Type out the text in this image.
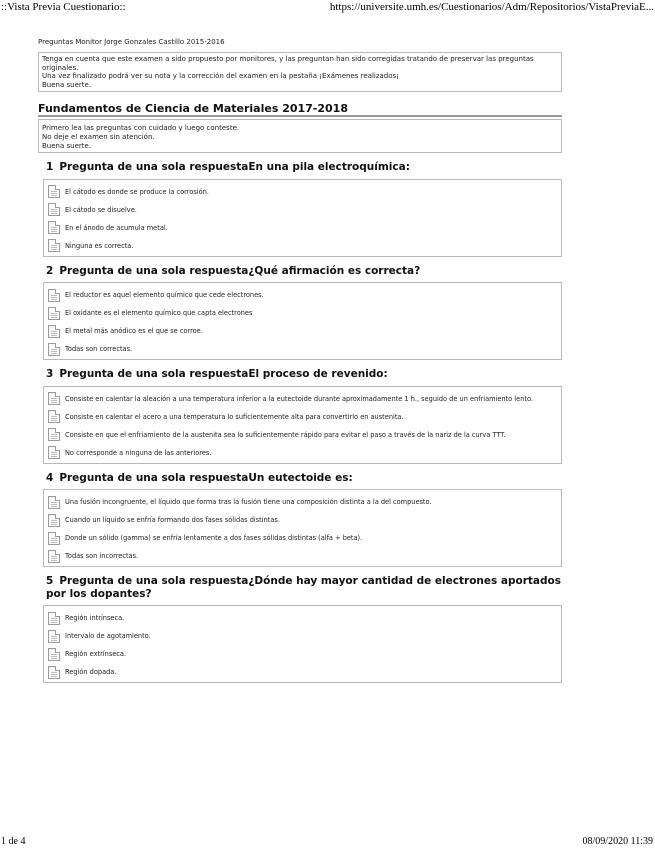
::Vista Previa Cuestionario::	https://universite.umh.es/Cuestionarios/Adm/Repositorios/VistaPreviaE...
Preguntas Monitor Jorge Gonzales Castillo 2015-2016
Tenga en cuenta que este examen a sido propuesto por monitores, y las preguntan han sido corregidas tratando de preservar las preguntas originales.
Una vez finalizado podrá ver su nota y la corrección del examen en la pestaña ¡Exámenes realizados¡
Buena suerte.
Fundamentos de Ciencia de Materiales 2017-2018
Primero lea las preguntas con cuidado y luego conteste.
No deje el examen sin atención.
Buena suerte.
1 Pregunta de una sola respuestaEn una pila electroquímica:
El cátodo es donde se produce la corrosión.
El cátodo se disuelve.
En el ánodo de acumula metal.
Ninguna es correcta.
2 Pregunta de una sola respuesta¿Qué afirmación es correcta?
El reductor es aquel elemento químico que cede electrones.
El oxidante es el elemento químico que capta electrones
El metal más anódico es el que se corroe.
Todas son correctas.
3 Pregunta de una sola respuestaEl proceso de revenido:
Consiste en calentar la aleación a una temperatura inferior a la eutectoide durante aproximadamente 1 h., seguido de un enfriamiento lento.
Consiste en calentar el acero a una temperatura lo suficientemente alta para convertirlo en austenita.
Consiste en que el enfriamiento de la austenita sea lo suficientemente rápido para evitar el paso a través de la nariz de la curva TTT.
No corresponde a ninguna de las anteriores.
4 Pregunta de una sola respuestaUn eutectoide es:
Una fusión incongruente, el líquido que forma tras la fusión tiene una composición distinta a la del compuesto.
Cuando un líquido se enfría formando dos fases sólidas distintas.
Donde un sólido (gamma) se enfría lentamente a dos fases sólidas distintas (alfa + beta).
Todas son incorrectas.
5 Pregunta de una sola respuesta¿Dónde hay mayor cantidad de electrones aportados por los dopantes?
Región intrínseca.
Intervalo de agotamiento.
Región extrínseca.
Región dopada.
1 de 4	08/09/2020 11:39
